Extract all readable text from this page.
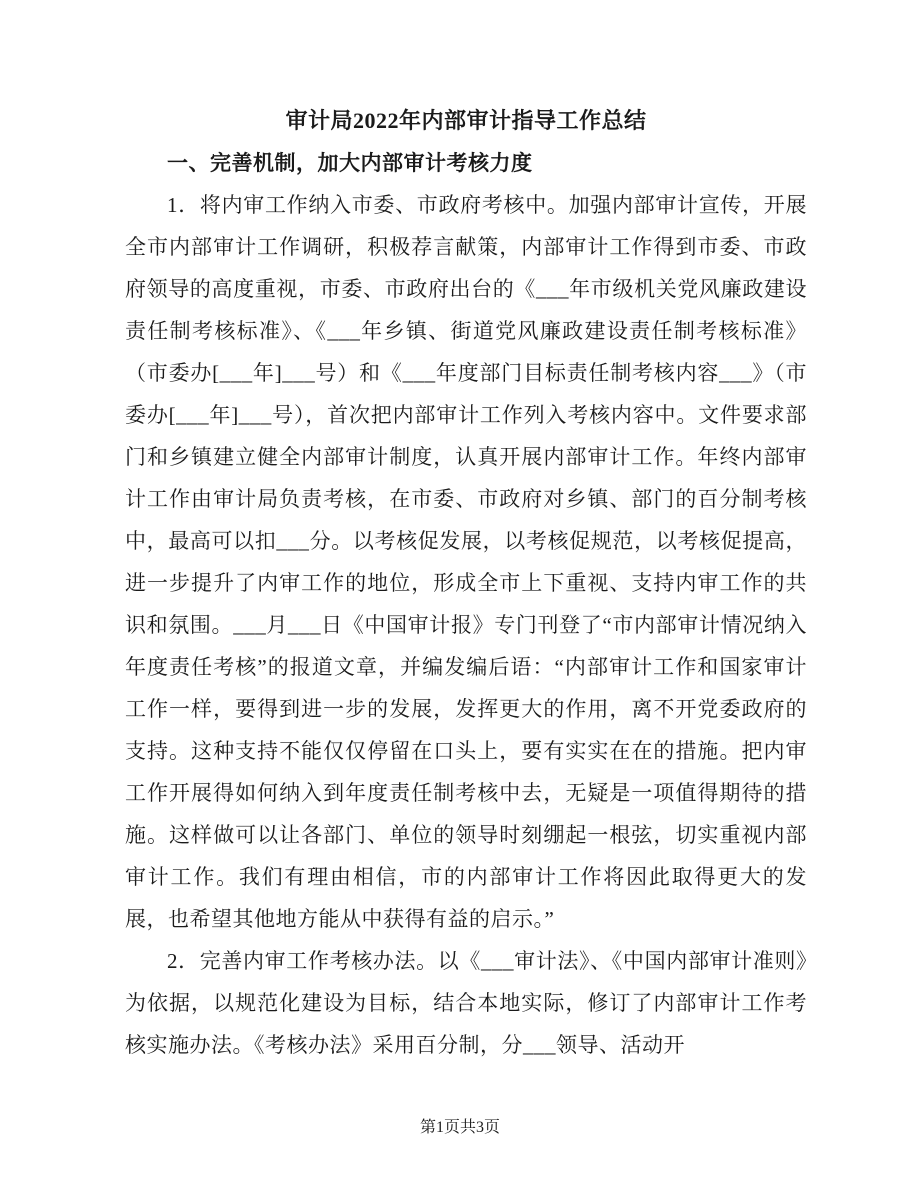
审计局2022年内部审计指导工作总结
一、完善机制，加大内部审计考核力度

1．将内审工作纳入市委、市政府考核中。加强内部审计宣传，开展全市内部审计工作调研，积极荐言献策，内部审计工作得到市委、市政府领导的高度重视，市委、市政府出台的《___年市级机关党风廉政建设责任制考核标准》、《___年乡镇、街道党风廉政建设责任制考核标准》（市委办[___年]___号）和《___年度部门目标责任制考核内容___》（市委办[___年]___号），首次把内部审计工作列入考核内容中。文件要求部门和乡镇建立健全内部审计制度，认真开展内部审计工作。年终内部审计工作由审计局负责考核，在市委、市政府对乡镇、部门的百分制考核中，最高可以扣___分。以考核促发展，以考核促规范，以考核促提高，进一步提升了内审工作的地位，形成全市上下重视、支持内审工作的共识和氛围。___月___日《中国审计报》专门刊登了“市内部审计情况纳入年度责任考核”的报道文章，并编发编后语：“内部审计工作和国家审计工作一样，要得到进一步的发展，发挥更大的作用，离不开党委政府的支持。这种支持不能仅仅停留在口头上，要有实实在在的措施。把内审工作开展得如何纳入到年度责任制考核中去，无疑是一项值得期待的措施。这样做可以让各部门、单位的领导时刻绷起一根弦，切实重视内部审计工作。我们有理由相信，市的内部审计工作将因此取得更大的发展，也希望其他地方能从中获得有益的启示。”

2．完善内审工作考核办法。以《___审计法》、《中国内部审计准则》为依据，以规范化建设为目标，结合本地实际，修订了内部审计工作考核实施办法。《考核办法》采用百分制，分___领导、活动开

第1页共3页
